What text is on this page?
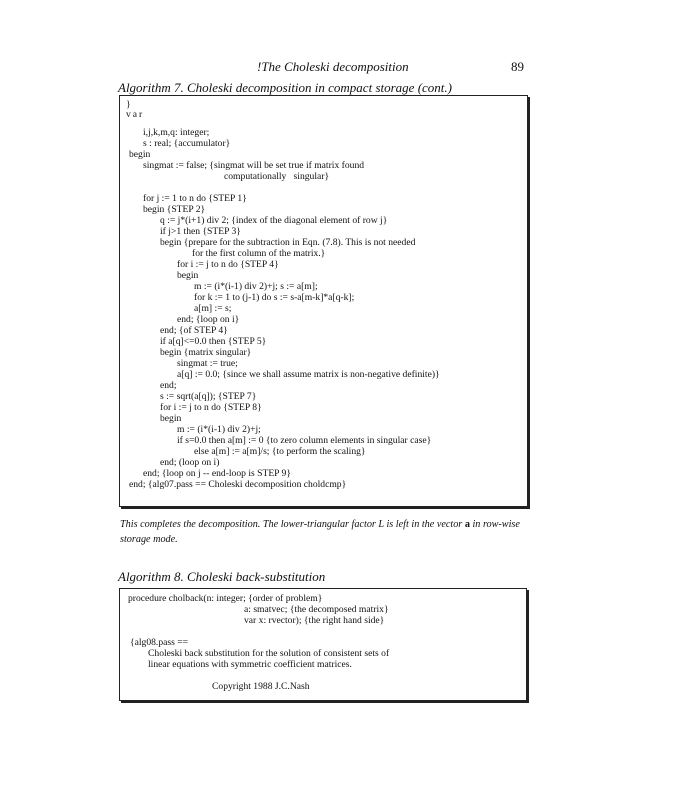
!The Choleski decomposition	89
Algorithm 7. Choleski decomposition in compact storage (cont.)
}
var
i,j,k,m,q: integer;
s : real; {accumulator}
begin
singmat := false; {singmat will be set true if matrix found
computationally   singular}
for j := 1 to n do {STEP 1}
begin {STEP 2}
q := j*(i+1) div 2; {index of the diagonal element of row j}
if j>1 then {STEP 3}
begin {prepare for the subtraction in Eqn. (7.8). This is not needed
for the first column of the matrix.}
for i := j to n do {STEP 4}
begin
m := (i*(i-1) div 2)+j; s := a[m];
for k := 1 to (j-1) do s := s-a[m-k]*a[q-k];
a[m] := s;
end; {loop on i}
end; {of STEP 4}
if a[q]<=0.0 then {STEP 5}
begin {matrix singular}
singmat := true;
a[q] := 0.0; {since we shall assume matrix is non-negative definite)}
end;
s := sqrt(a[q]); {STEP 7}
for i := j to n do {STEP 8}
begin
m := (i*(i-1) div 2)+j;
if s=0.0 then a[m] := 0 {to zero column elements in singular case}
else a[m] := a[m]/s; {to perform the scaling}
end; (loop on i)
end; {loop on j -- end-loop is STEP 9}
end; {alg07.pass == Choleski decomposition choldcmp}
This completes the decomposition. The lower-triangular factor L is left in the vector a in row-wise storage mode.
Algorithm 8. Choleski back-substitution
procedure cholback(n: integer; {order of problem}
a: smatvec; {the decomposed matrix}
var x: rvector); {the right hand side}
{alg08.pass ==
Choleski back substitution for the solution of consistent sets of
linear equations with symmetric coefficient matrices.
Copyright 1988 J.C.Nash
